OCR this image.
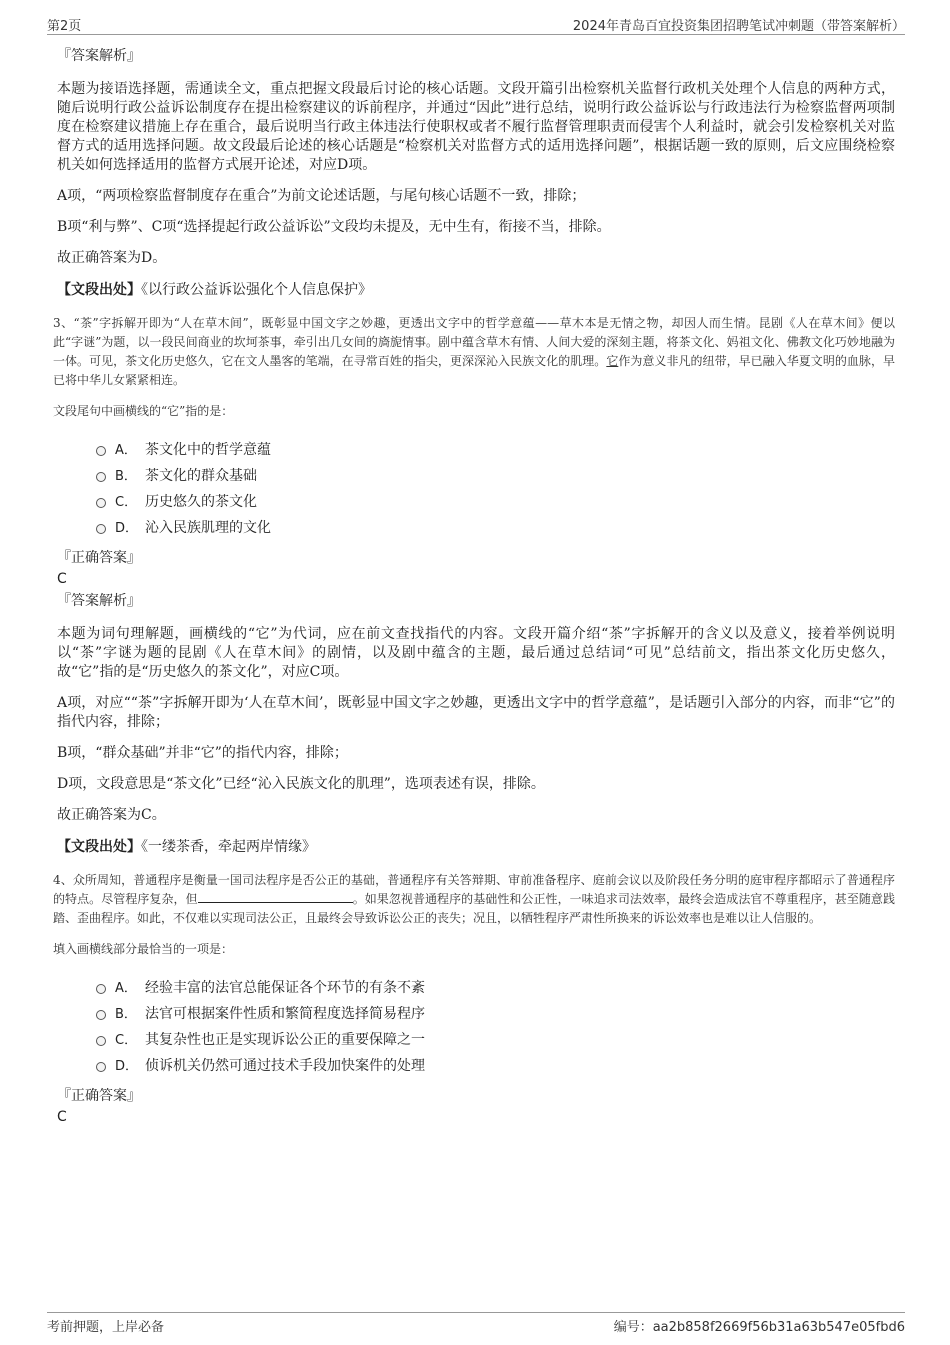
第2页	2024年青岛百宜投资集团招聘笔试冲刺题（带答案解析）
『答案解析』
本题为接语选择题，需通读全文，重点把握文段最后讨论的核心话题。文段开篇引出检察机关监督行政机关处理个人信息的两种方式，随后说明行政公益诉讼制度存在提出检察建议的诉前程序，并通过“因此”进行总结，说明行政公益诉讼与行政违法行为检察监督两项制度在检察建议措施上存在重合，最后说明当行政主体违法行使职权或者不履行监督管理职责而侵害个人利益时，就会引发检察机关对监督方式的适用选择问题。故文段最后论述的核心话题是“检察机关对监督方式的适用选择问题”，根据话题一致的原则，后文应围绕检察机关如何选择适用的监督方式展开论述，对应D项。
A项，“两项检察监督制度存在重合”为前文论述话题，与尾句核心话题不一致，排除；
B项“利与弊”、C项“选择提起行政公益诉讼”文段均未提及，无中生有，衔接不当，排除。
故正确答案为D。
【文段出处】《以行政公益诉讼强化个人信息保护》
3、“茶”字拆解开即为“人在草木间”，既彰显中国文字之妙趣，更透出文字中的哲学意蕴——草木本是无情之物，却因人而生情。昆剧《人在草木间》便以此“字谜”为题，以一段民间商业的坎坷茶事，牵引出几女间的旖旎情事。剧中蕴含草木有情、人间大爱的深刻主题，将茶文化、妈祖文化、佛教文化巧妙地融为一体。可见，茶文化历史悠久，它在文人墨客的笔端，在寻常百姓的指尖，更深深沁入民族文化的肌理。它作为意义非凡的纽带，早已融入华夏文明的血脉，早已将中华儿女紧紧相连。
文段尾句中画横线的“它”指的是：
A． 茶文化中的哲学意蕴
B． 茶文化的群众基础
C． 历史悠久的茶文化
D． 沁入民族肌理的文化
『正确答案』
C
『答案解析』
本题为词句理解题，画横线的“它”为代词，应在前文查找指代的内容。文段开篇介绍“茶”字拆解开的含义以及意义，接着举例说明以“茶”字谜为题的昆剧《人在草木间》的剧情，以及剧中蕴含的主题，最后通过总结词“可见”总结前文，指出茶文化历史悠久，故“它”指的是“历史悠久的茶文化”，对应C项。
A项，对应““茶”字拆解开即为‘人在草木间’，既彰显中国文字之妙趣，更透出文字中的哲学意蕴”，是话题引入部分的内容，而非“它”的指代内容，排除；
B项，“群众基础”并非“它”的指代内容，排除；
D项，文段意思是“茶文化”已经“沁入民族文化的肌理”，选项表述有误，排除。
故正确答案为C。
【文段出处】《一缕茶香，牵起两岸情缘》
4、众所周知，普通程序是衡量一国司法程序是否公正的基础，普通程序有关答辩期、审前准备程序、庭前会议以及阶段任务分明的庭审程序都昭示了普通程序的特点。尽管程序复杂，但	。如果忽视普通程序的基础性和公正性，一味追求司法效率，最终会造成法官不尊重程序，甚至随意践踏、歪曲程序。如此，不仅难以实现司法公正，且最终会导致诉讼公正的丧失；况且，以牺牲程序严肃性所换来的诉讼效率也是难以让人信服的。
填入画横线部分最恰当的一项是：
A． 经验丰富的法官总能保证各个环节的有条不紊
B． 法官可根据案件性质和繁简程度选择简易程序
C． 其复杂性也正是实现诉讼公正的重要保障之一
D． 侦诉机关仍然可通过技术手段加快案件的处理
『正确答案』
C
考前押题，上岸必备	编号：aa2b858f2669f56b31a63b547e05fbd6
